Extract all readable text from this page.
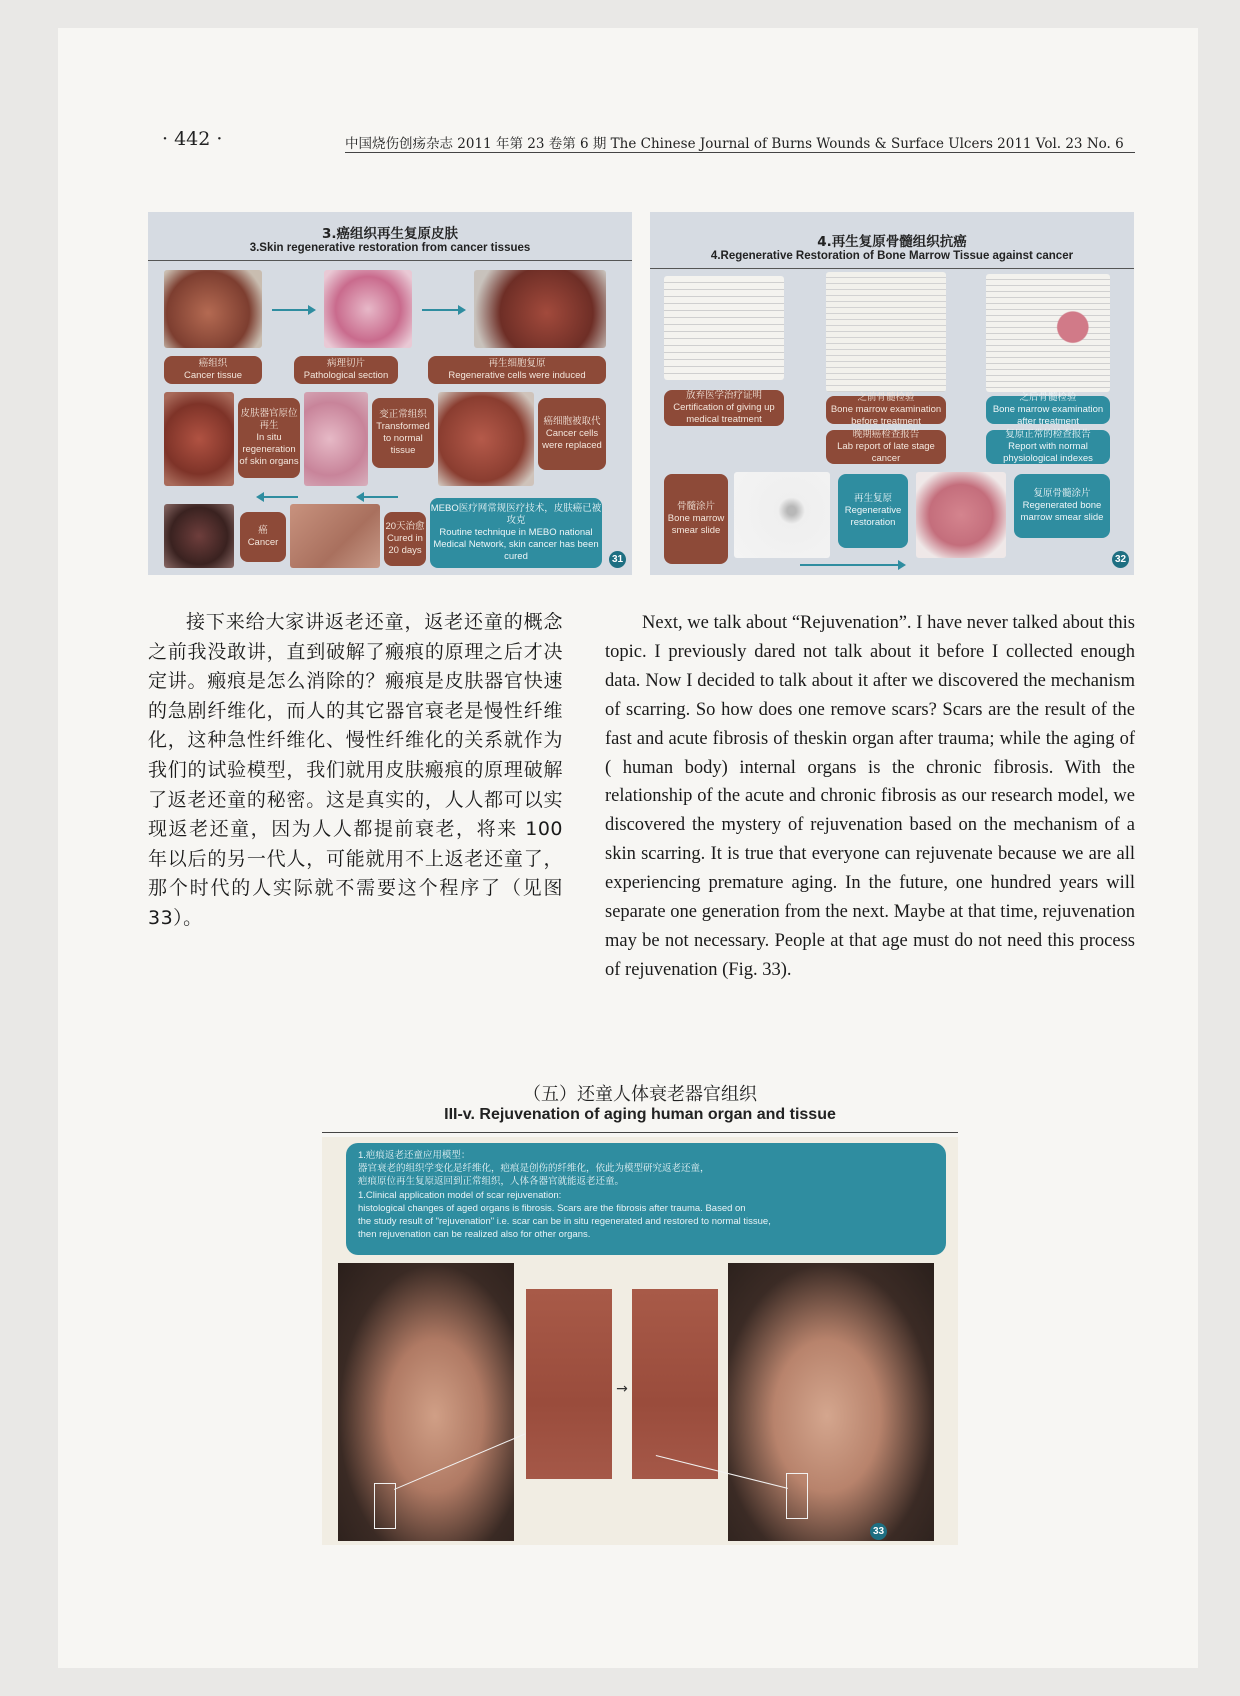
· 442 ·	中国烧伤创疡杂志 2011 年第 23 卷第 6 期 The Chinese Journal of Burns Wounds & Surface Ulcers 2011 Vol. 23 No. 6
3.癌组织再生复原皮肤
3.Skin regenerative restoration from cancer tissues
癌组织
Cancer tissue
病理切片
Pathological section
再生细胞复原
Regenerative cells were induced
皮肤器官原位再生
In situ regeneration of skin organs
变正常组织
Transformed to normal tissue
癌细胞被取代
Cancer cells were replaced
癌
Cancer
20天治愈
Cured in 20 days
MEBO医疗网常规医疗技术，皮肤癌已被攻克
Routine technique in MEBO national Medical Network, skin cancer has been cured	31
4.再生复原骨髓组织抗癌
4.Regenerative Restoration of Bone Marrow Tissue against cancer
之前骨髓检验
Bone marrow examination before treatment
之后骨髓检验
Bone marrow examination after treatment
放弃医学治疗证明
Certification of giving up medical treatment
晚期癌检查报告
Lab report of late stage cancer
复原正常的检查报告
Report with normal physiological indexes
骨髓涂片
Bone marrow smear slide
再生复原
Regenerative restoration
复原骨髓涂片
Regenerated bone marrow smear slide
32

接下来给大家讲返老还童，返老还童的概念之前我没敢讲，直到破解了瘢痕的原理之后才决定讲。瘢痕是怎么消除的？瘢痕是皮肤器官快速的急剧纤维化，而人的其它器官衰老是慢性纤维化，这种急性纤维化、慢性纤维化的关系就作为我们的试验模型，我们就用皮肤瘢痕的原理破解了返老还童的秘密。这是真实的，人人都可以实现返老还童，因为人人都提前衰老，将来 100 年以后的另一代人，可能就用不上返老还童了，那个时代的人实际就不需要这个程序了（见图 33）。

Next, we talk about “Rejuvenation”. I have never talked about this topic. I previously dared not talk about it before I collected enough data. Now I decided to talk about it after we discovered the mechanism of scarring. So how does one remove scars? Scars are the result of the fast and acute fibrosis of theskin organ after trauma; while the aging of ( human body) internal organs is the chronic fibrosis. With the relationship of the acute and chronic fibrosis as our research model, we discovered the mystery of rejuvenation based on the mechanism of a skin scarring. It is true that everyone can rejuvenate because we are all experiencing premature aging. In the future, one hundred years will separate one generation from the next. Maybe at that time, rejuvenation may be not necessary. People at that age must do not need this process of rejuvenation (Fig. 33).

（五）还童人体衰老器官组织
III-v. Rejuvenation of aging human organ and tissue
1.疤痕返老还童应用模型：
器官衰老的组织学变化是纤维化，疤痕是创伤的纤维化，依此为模型研究返老还童，
疤痕原位再生复原返回到正常组织，人体各器官就能返老还童。
1.Clinical application model of scar rejuvenation:
histological changes of aged organs is fibrosis. Scars are the fibrosis after trauma. Based on
the study result of "rejuvenation" i.e. scar can be in situ regenerated and restored to normal tissue,
then rejuvenation can be realized also for other organs.
→
33
